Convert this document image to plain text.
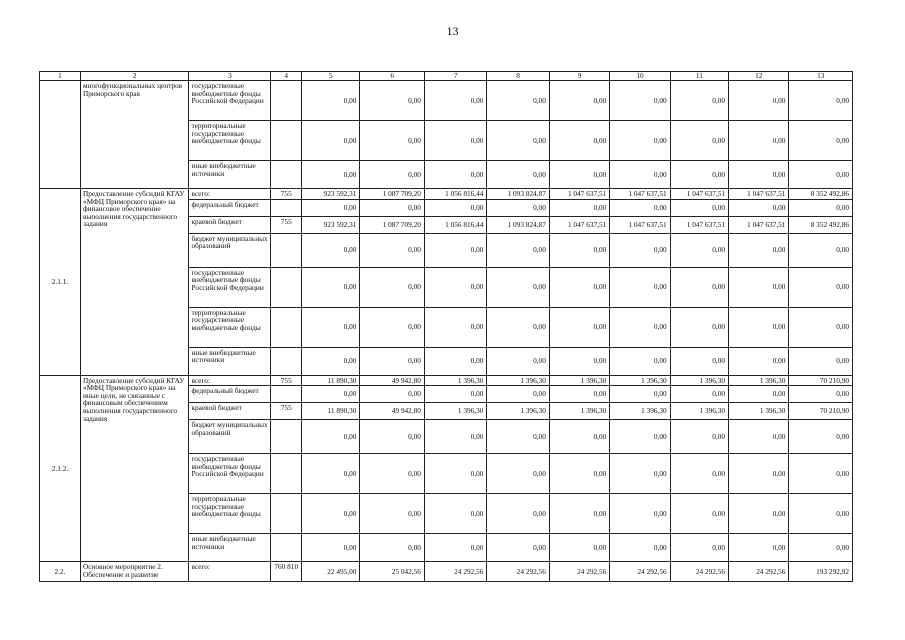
13
1	2	3	4	5	6	7	8	9	10	11	12	13
	многофункциональных центров Приморского края	государственные внебюджетные фонды Российской Федерации		0,00	0,00	0,00	0,00	0,00	0,00	0,00	0,00	0,00
		территориальные государственные внебюджетные фонды		0,00	0,00	0,00	0,00	0,00	0,00	0,00	0,00	0,00
		иные внебюджетные источники		0,00	0,00	0,00	0,00	0,00	0,00	0,00	0,00	0,00
2.1.1.	Предоставление субсидий КГАУ «МФЦ Приморского края» на финансовое обеспечение выполнения государственного задания	всего:	755	923 592,31	1 087 709,20	1 056 816,44	1 093 824,87	1 047 637,51	1 047 637,51	1 047 637,51	1 047 637,51	8 352 492,86
		федеральный бюджет		0,00	0,00	0,00	0,00	0,00	0,00	0,00	0,00	0,00
		краевой бюджет	755	923 592,31	1 087 709,20	1 056 816,44	1 093 824,87	1 047 637,51	1 047 637,51	1 047 637,51	1 047 637,51	8 352 492,86
		бюджет муниципальных образований		0,00	0,00	0,00	0,00	0,00	0,00	0,00	0,00	0,00
		государственные внебюджетные фонды Российской Федерации		0,00	0,00	0,00	0,00	0,00	0,00	0,00	0,00	0,00
		территориальные государственные внебюджетные фонды		0,00	0,00	0,00	0,00	0,00	0,00	0,00	0,00	0,00
		иные внебюджетные источники		0,00	0,00	0,00	0,00	0,00	0,00	0,00	0,00	0,00
2.1.2.	Предоставление субсидий КГАУ «МФЦ Приморского края» на иные цели, не связанные с финансовым обеспечением выполнения государственного задания	всего:	755	11 890,30	49 942,80	1 396,30	1 396,30	1 396,30	1 396,30	1 396,30	1 396,30	70 210,90
		федеральный бюджет		0,00	0,00	0,00	0,00	0,00	0,00	0,00	0,00	0,00
		краевой бюджет	755	11 890,30	49 942,80	1 396,30	1 396,30	1 396,30	1 396,30	1 396,30	1 396,30	70 210,90
		бюджет муниципальных образований		0,00	0,00	0,00	0,00	0,00	0,00	0,00	0,00	0,00
		государственные внебюджетные фонды Российской Федерации		0,00	0,00	0,00	0,00	0,00	0,00	0,00	0,00	0,00
		территориальные государственные внебюджетные фонды		0,00	0,00	0,00	0,00	0,00	0,00	0,00	0,00	0,00
		иные внебюджетные источники		0,00	0,00	0,00	0,00	0,00	0,00	0,00	0,00	0,00
2.2.	Основное мероприятие 2. Обеспечение и развитие	всего:	760 810	22 495,00	25 042,56	24 292,56	24 292,56	24 292,56	24 292,56	24 292,56	24 292,56	193 292,92
